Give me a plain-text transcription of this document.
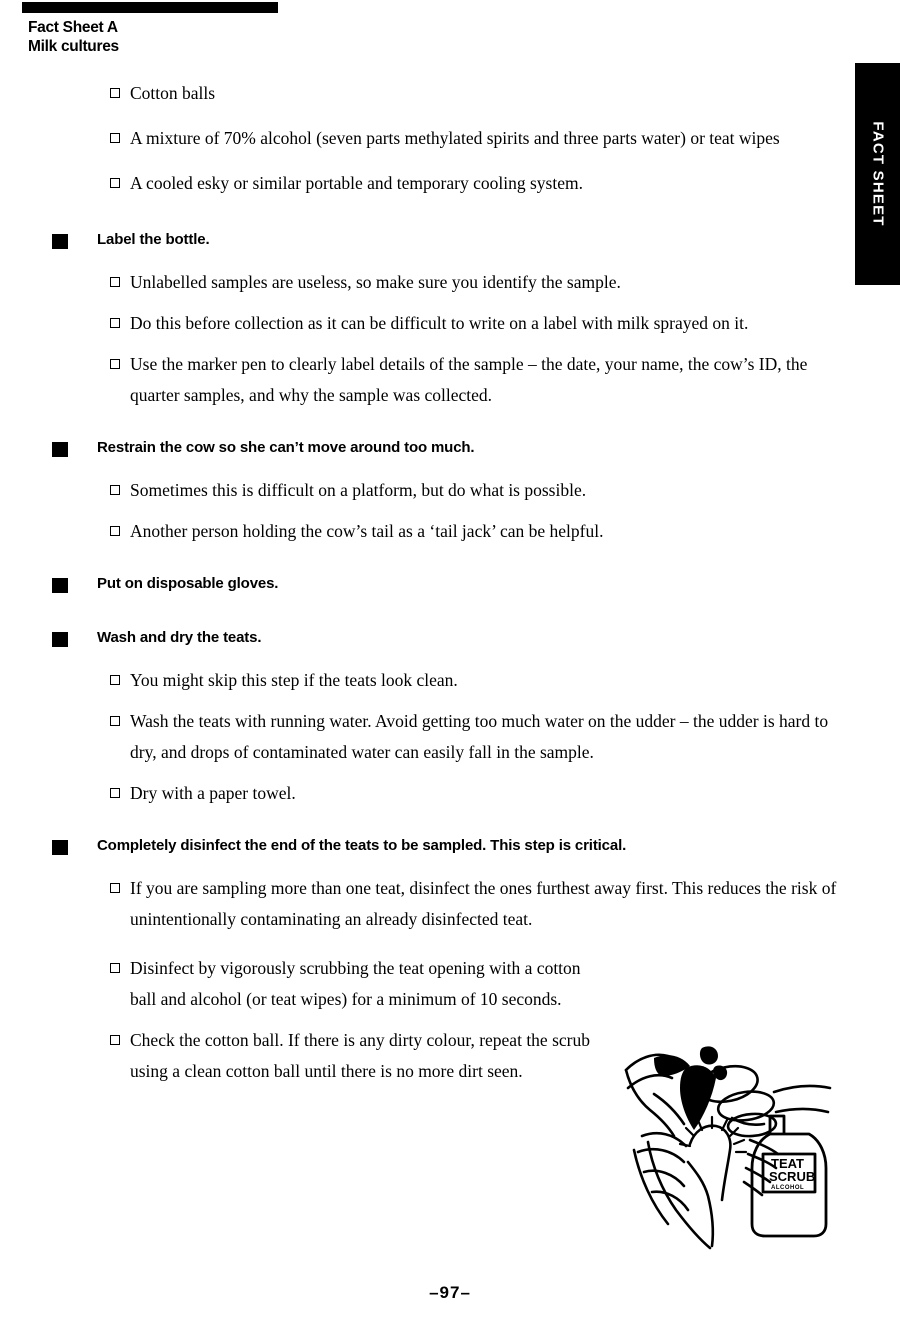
Fact Sheet A
Milk cultures
FACT SHEET
Cotton balls
A mixture of 70% alcohol (seven parts methylated spirits and three parts water) or teat wipes
A cooled esky or similar portable and temporary cooling system.
Label the bottle.
Unlabelled samples are useless, so make sure you identify the sample.
Do this before collection as it can be difficult to write on a label with milk sprayed on it.
Use the marker pen to clearly label details of the sample – the date, your name, the cow’s ID, the quarter samples, and why the sample was collected.
Restrain the cow so she can’t move around too much.
Sometimes this is difficult on a platform, but do what is possible.
Another person holding the cow’s tail as a ‘tail jack’ can be helpful.
Put on disposable gloves.
Wash and dry the teats.
You might skip this step if the teats look clean.
Wash the teats with running water. Avoid getting too much water on the udder – the udder is hard to dry, and drops of contaminated water can easily fall in the sample.
Dry with a paper towel.
Completely disinfect the end of the teats to be sampled. This step is critical.
If you are sampling more than one teat, disinfect the ones furthest away first. This reduces the risk of unintentionally contaminating an already disinfected teat.
Disinfect by vigorously scrubbing the teat opening with a cotton ball and alcohol (or teat wipes) for a minimum of 10 seconds.
Check the cotton ball. If there is any dirty colour, repeat the scrub using a clean cotton ball until there is no more dirt seen.
TEAT
SCRUB
ALCOHOL
–97–
